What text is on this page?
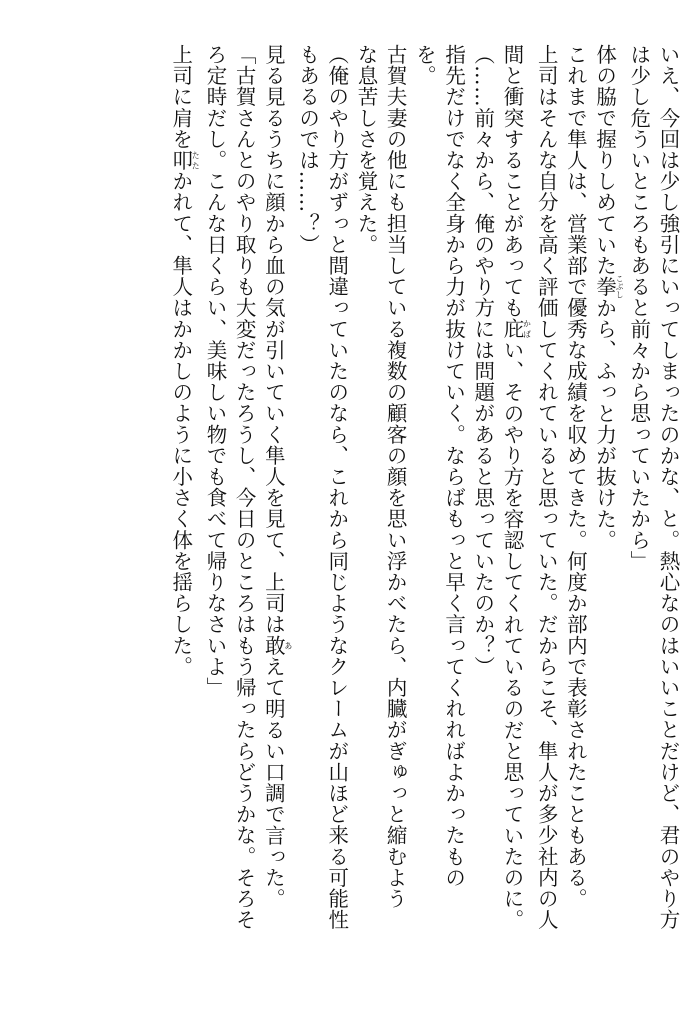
いえ、今回は少し強引にいってしまったのかな、と。熱心なのはいいことだけど、君のやり方
は少し危ういところもあると前々から思っていたから」
体の脇で握りしめていた拳こぶしから、ふっと力が抜けた。
これまで隼人は、営業部で優秀な成績を収めてきた。何度か部内で表彰されたこともある。
上司はそんな自分を高く評価してくれていると思っていた。だからこそ、隼人が多少社内の人
間と衝突することがあっても庇かばい、そのやり方を容認してくれているのだと思っていたのに。
（……前々から、俺のやり方には問題があると思っていたのか？）
指先だけでなく全身から力が抜けていく。ならばもっと早く言ってくれればよかったもの
を。
古賀夫妻の他にも担当している複数の顧客の顔を思い浮かべたら、内臓がぎゅっと縮むよう
な息苦しさを覚えた。
（俺のやり方がずっと間違っていたのなら、これから同じようなクレームが山ほど来る可能性
もあるのでは……？）
見る見るうちに顔から血の気が引いていく隼人を見て、上司は敢あえて明るい口調で言った。
「古賀さんとのやり取りも大変だったろうし、今日のところはもう帰ったらどうかな。そろそ
ろ定時だし。こんな日くらい、美味しい物でも食べて帰りなさいよ」
上司に肩を叩たたかれて、隼人はかかしのように小さく体を揺らした。
